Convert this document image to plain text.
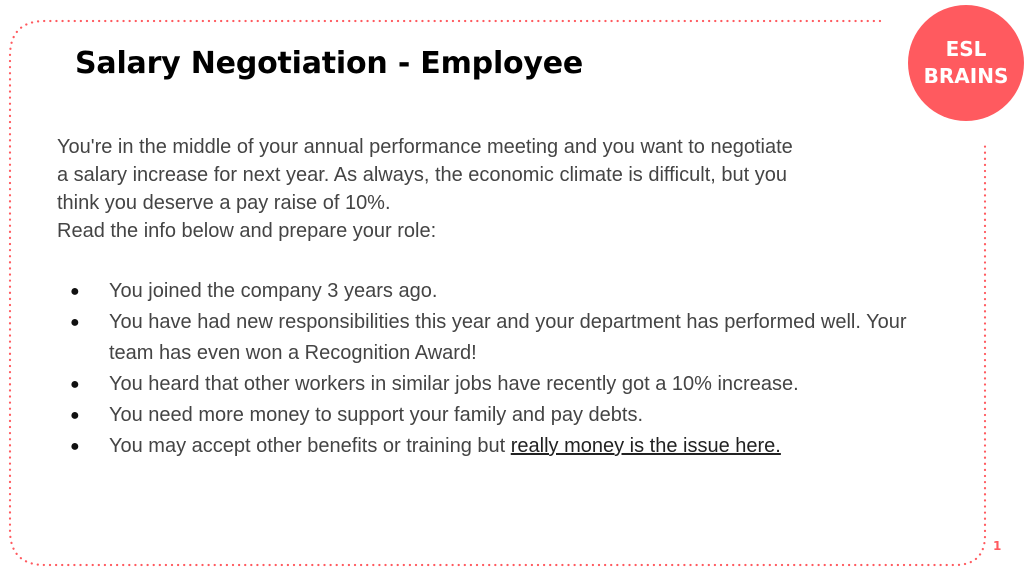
Salary Negotiation - Employee	ESL
BRAINS

You're in the middle of your annual performance meeting and you want to negotiate
a salary increase for next year. As always, the economic climate is difficult, but you
think you deserve a pay raise of 10%.
Read the info below and prepare your role:

● You joined the company 3 years ago.
● You have had new responsibilities this year and your department has performed well. Your team has even won a Recognition Award!
● You heard that other workers in similar jobs have recently got a 10% increase.
● You need more money to support your family and pay debts.
● You may accept other benefits or training but really money is the issue here.
1
